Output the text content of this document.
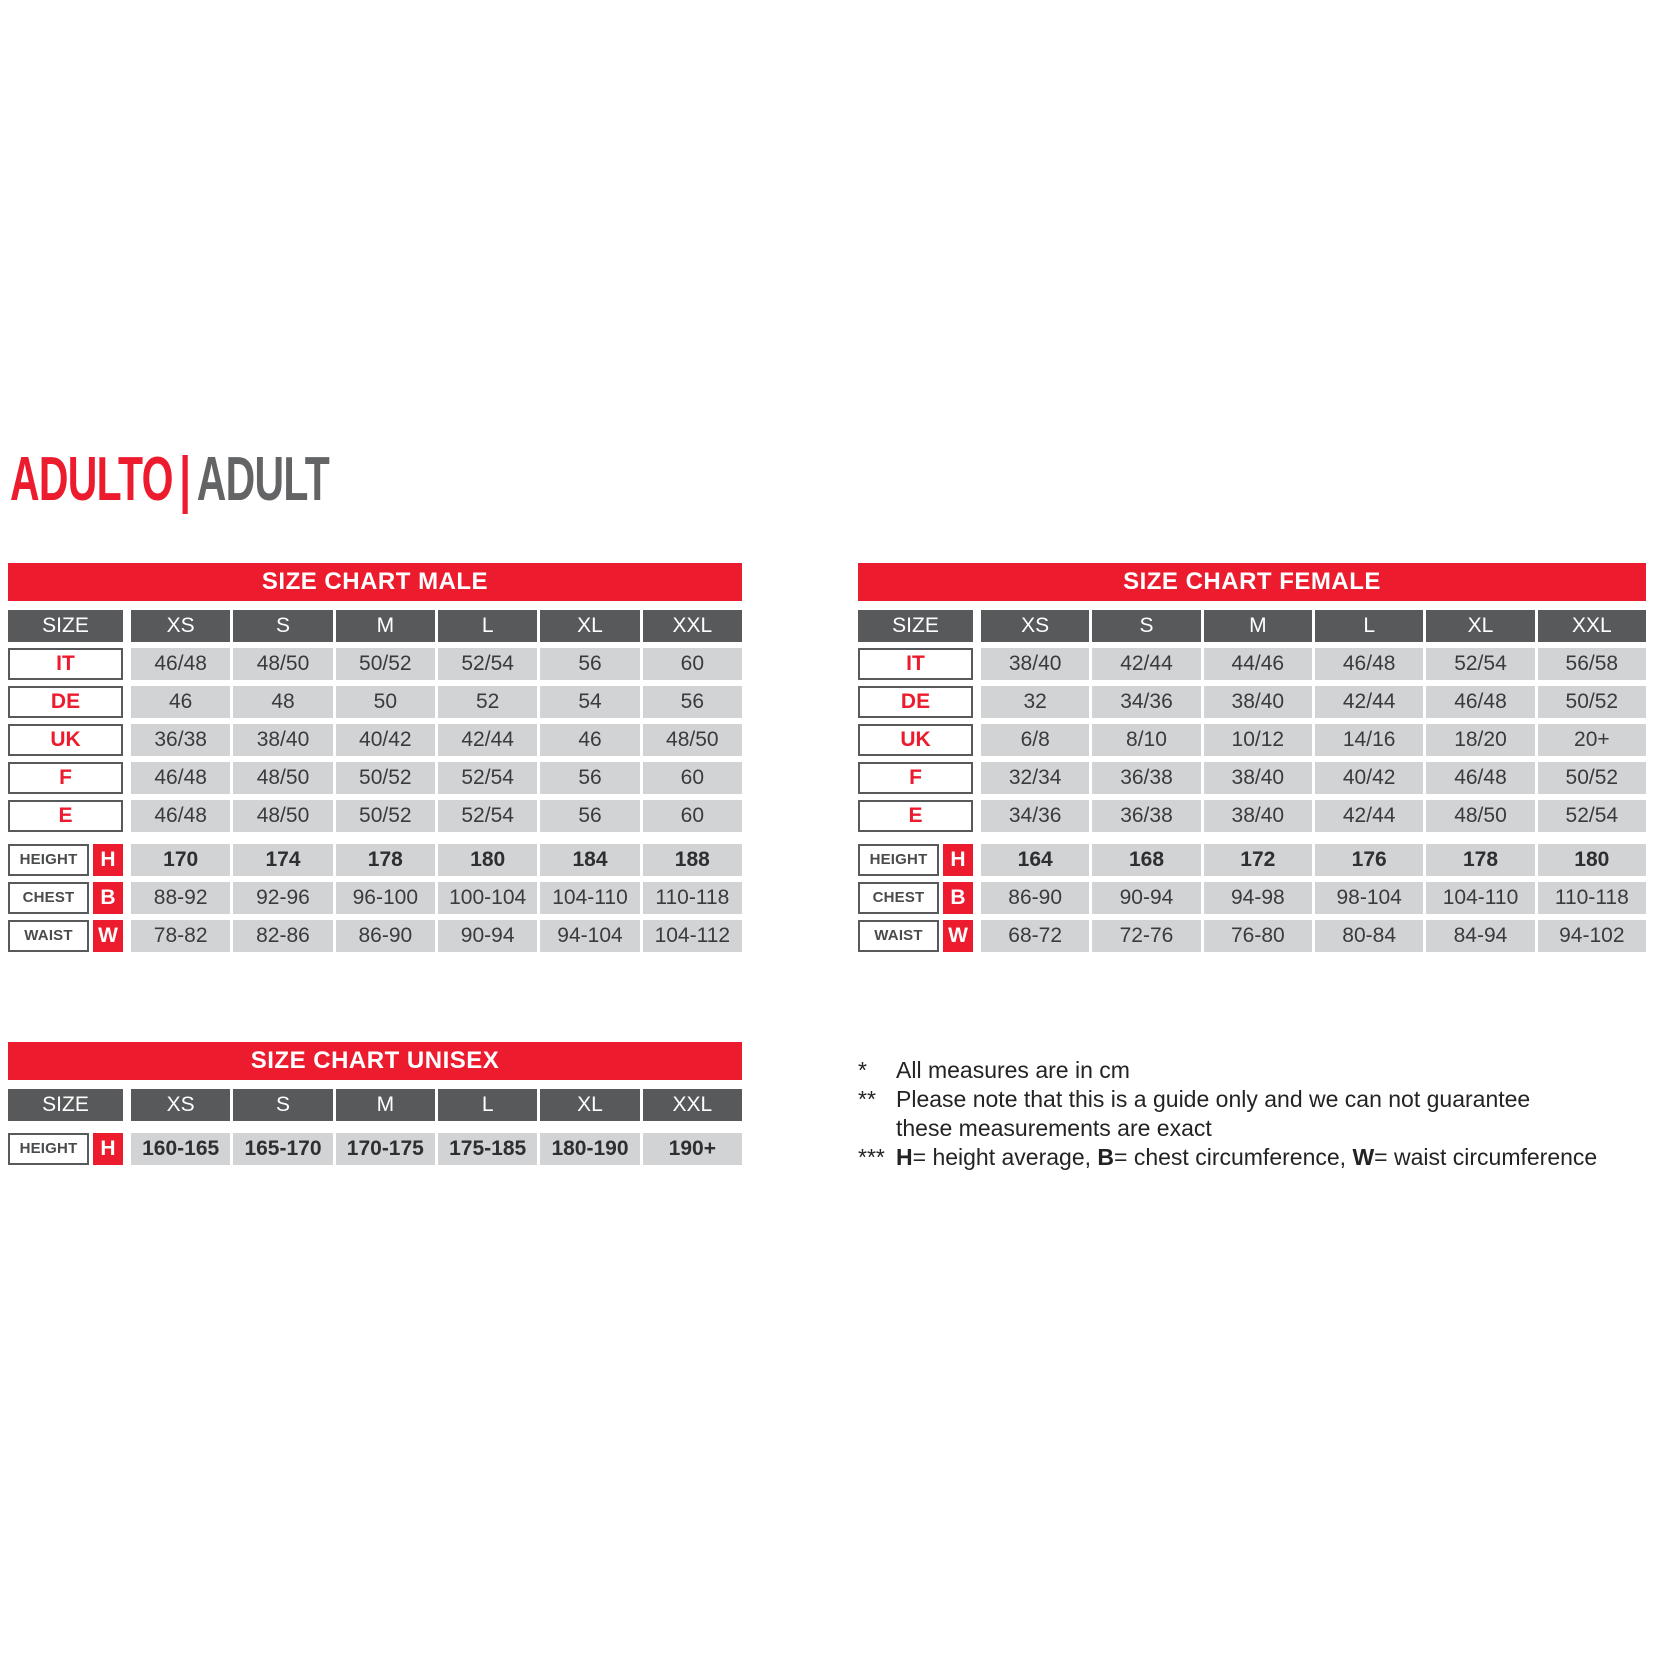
ADULTO | ADULT
SIZE CHART MALE
SIZE	XS	S	M	L	XL	XXL
IT	46/48	48/50	50/52	52/54	56	60
DE	46	48	50	52	54	56
UK	36/38	38/40	40/42	42/44	46	48/50
F	46/48	48/50	50/52	52/54	56	60
E	46/48	48/50	50/52	52/54	56	60
HEIGHT	H	170	174	178	180	184	188
CHEST	B	88-92	92-96	96-100	100-104	104-110	110-118
WAIST	W	78-82	82-86	86-90	90-94	94-104	104-112
SIZE CHART FEMALE
SIZE	XS	S	M	L	XL	XXL
IT	38/40	42/44	44/46	46/48	52/54	56/58
DE	32	34/36	38/40	42/44	46/48	50/52
UK	6/8	8/10	10/12	14/16	18/20	20+
F	32/34	36/38	38/40	40/42	46/48	50/52
E	34/36	36/38	38/40	42/44	48/50	52/54
HEIGHT	H	164	168	172	176	178	180
CHEST	B	86-90	90-94	94-98	98-104	104-110	110-118
WAIST	W	68-72	72-76	76-80	80-84	84-94	94-102
SIZE CHART UNISEX
SIZE	XS	S	M	L	XL	XXL
HEIGHT	H	160-165	165-170	170-175	175-185	180-190	190+
*	All measures are in cm
** Please note that this is a guide only and we can not guarantee
these measurements are exact
*** H= height average, B= chest circumference, W= waist circumference
